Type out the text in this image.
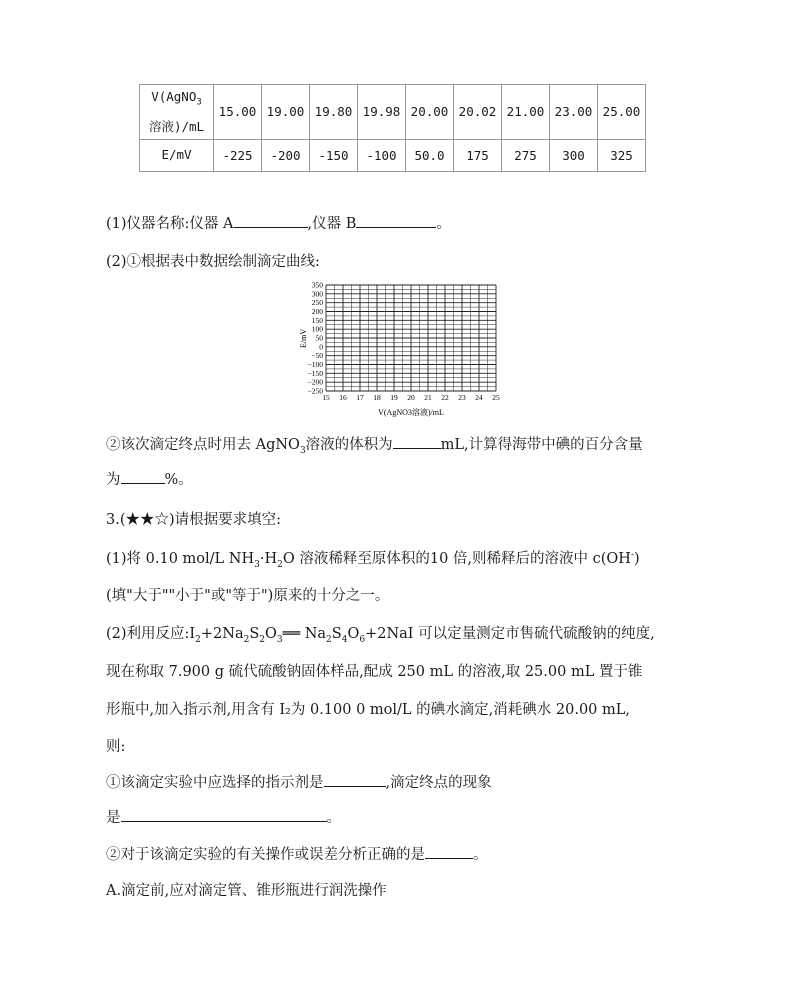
V(AgNO$_3$
溶液)/mL	15.00	19.00	19.80	19.98	20.00	20.02	21.00	23.00	25.00
E/mV	-225	-200	-150	-100	50.0	175	275	300	325
(1)仪器名称:仪器 A	,仪器 B	。
(2)①根据表中数据绘制滴定曲线:
350
300
250
200
150
100
50
0
−50
−100
−150
−200
−250
15 16 17 18 19 20 21 22 23 24 25
E/mV
V(AgNO3溶液)/mL
②该次滴定终点时用去 AgNO$_3$溶液的体积为	mL,计算得海带中碘的百分含量
为	%。
3.(★★☆)请根据要求填空:
(1)将 0.10 mol/L $NH_3\cdot H_2O$ 溶液稀释至原体积的10 倍,则稀释后的溶液中 c(OH-)
(填"大于""小于"或"等于")原来的十分之一。
(2)利用反应$:I_2+2Na_2S_2O_3══$ $Na_2S_4O_6+2NaI$ 可以定量测定市售硫代硫酸钠的纯度,
现在称取 7.900 g 硫代硫酸钠固体样品,配成 250 mL 的溶液,取 25.00 mL 置于锥
形瓶中,加入指示剂,用含有 I₂为 0.100 0 mol/L 的碘水滴定,消耗碘水 20.00 mL,
则:
①该滴定实验中应选择的指示剂是	,滴定终点的现象
是	。
②对于该滴定实验的有关操作或误差分析正确的是	。
A.滴定前,应对滴定管、锥形瓶进行润洗操作
